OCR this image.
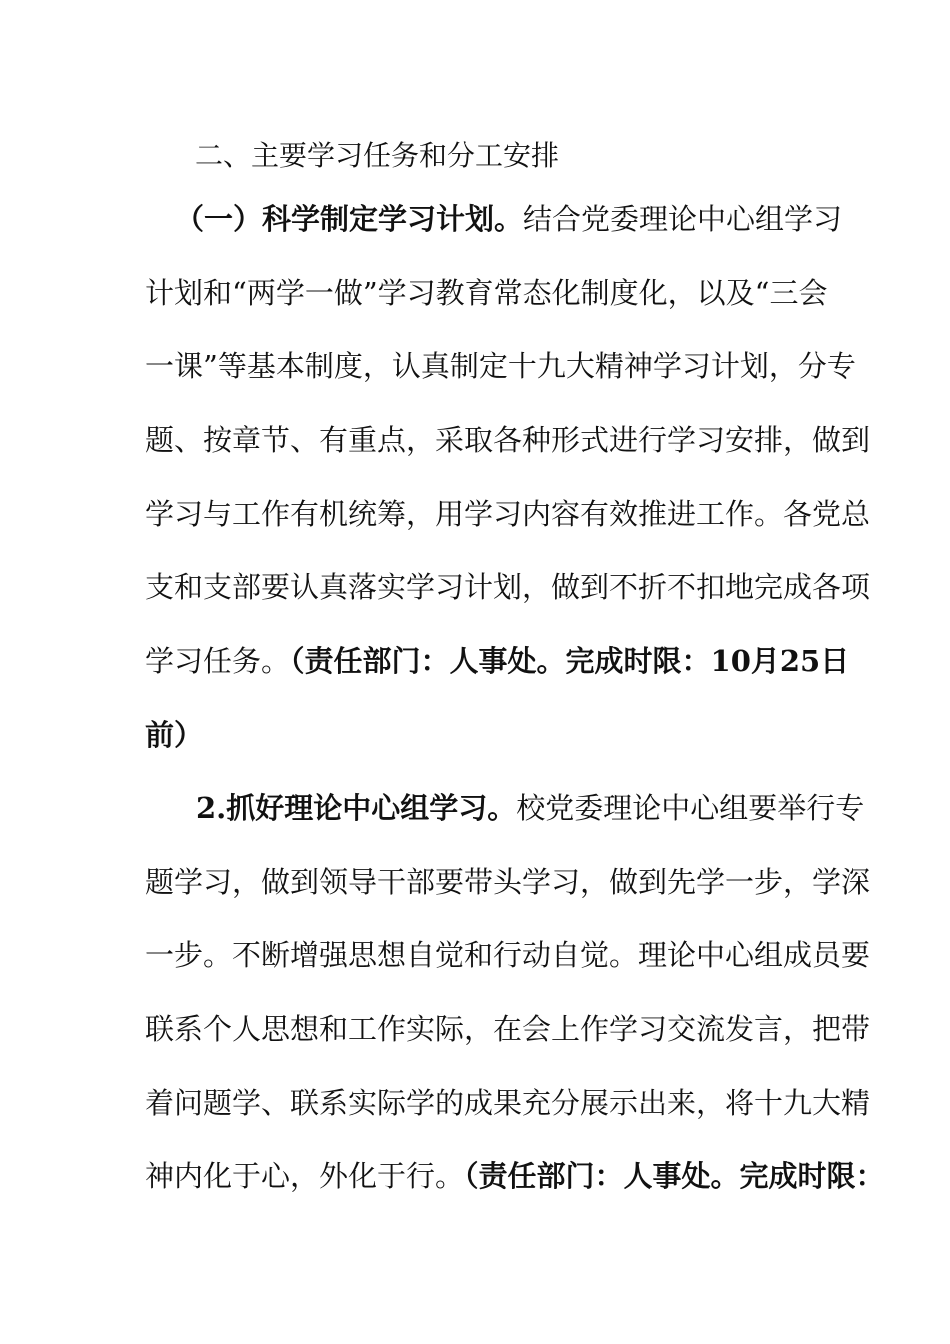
二、主要学习任务和分工安排
（一）科学制定学习计划。结合党委理论中心组学习
计划和“两学一做”学习教育常态化制度化，以及“三会
一课”等基本制度，认真制定十九大精神学习计划，分专
题、按章节、有重点，采取各种形式进行学习安排，做到
学习与工作有机统筹，用学习内容有效推进工作。各党总
支和支部要认真落实学习计划，做到不折不扣地完成各项
学习任务。（责任部门：人事处。完成时限：10月25日
前）
2.抓好理论中心组学习。校党委理论中心组要举行专
题学习，做到领导干部要带头学习，做到先学一步，学深
一步。不断增强思想自觉和行动自觉。理论中心组成员要
联系个人思想和工作实际，在会上作学习交流发言，把带
着问题学、联系实际学的成果充分展示出来，将十九大精
神内化于心，外化于行。（责任部门：人事处。完成时限：
